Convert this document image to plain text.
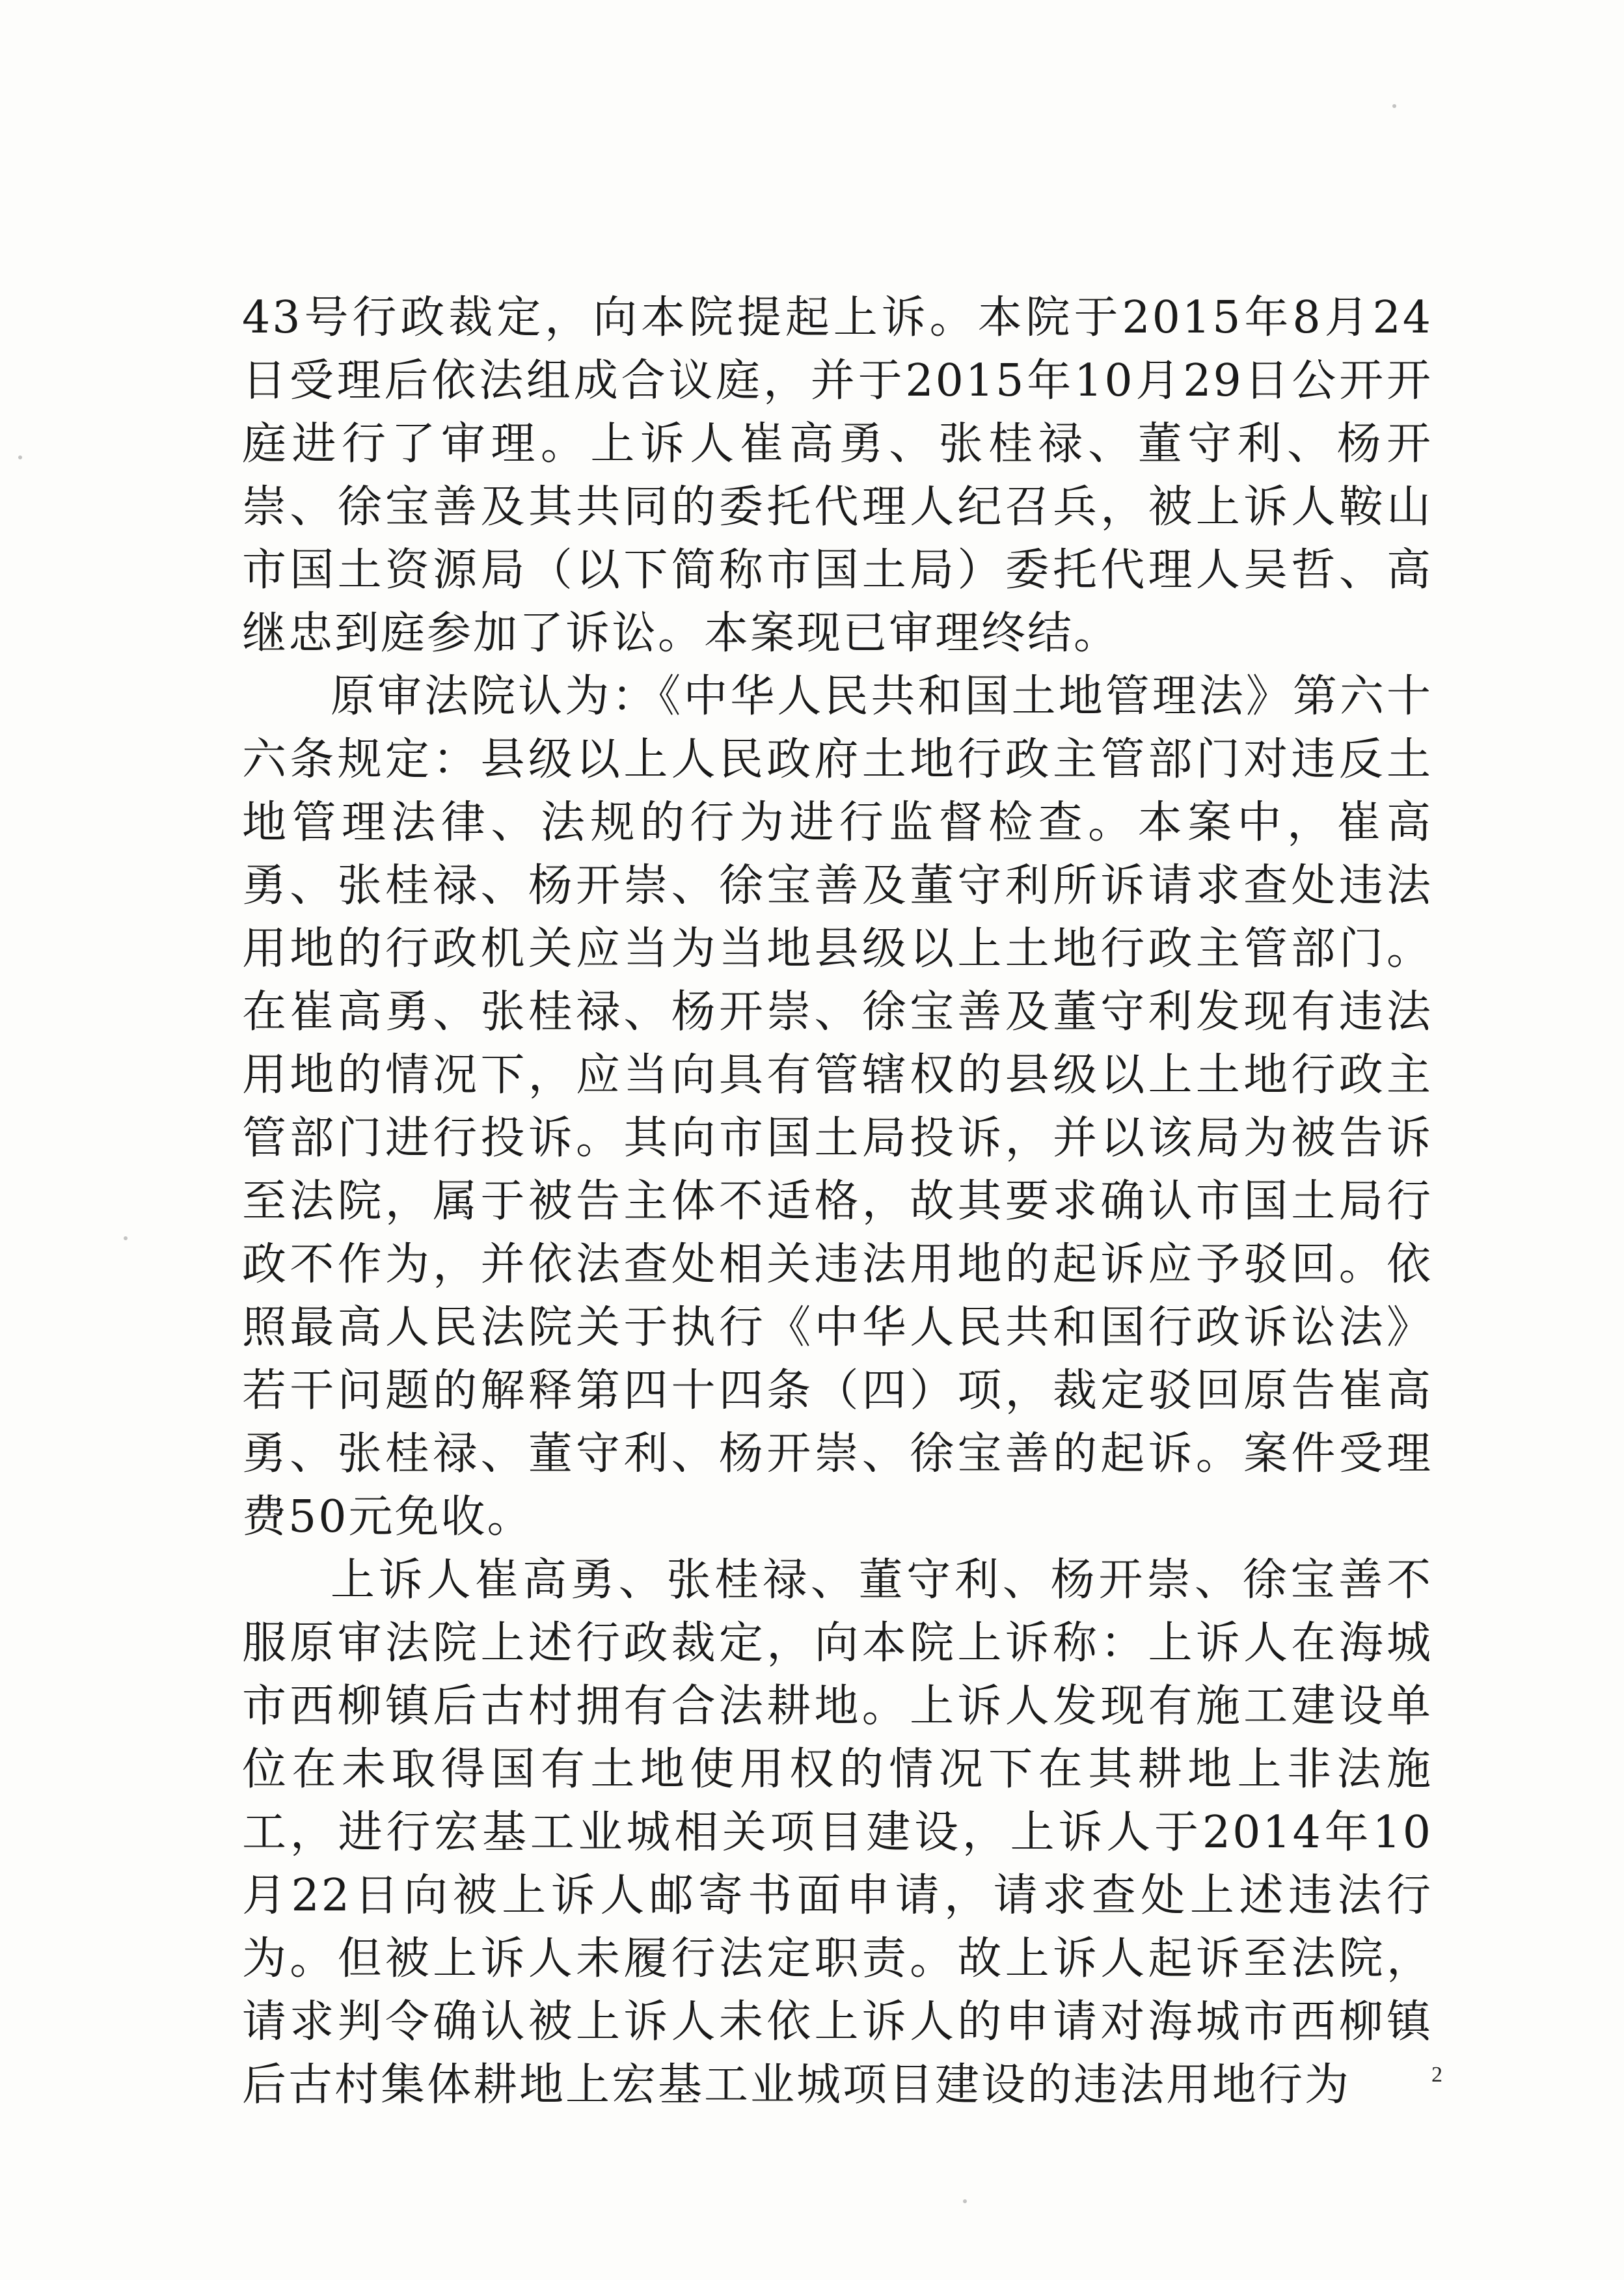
43号行政裁定，向本院提起上诉。本院于2015年8月24日受理后依法组成合议庭，并于2015年10月29日公开开庭进行了审理。上诉人崔高勇、张桂禄、董守利、杨开崇、徐宝善及其共同的委托代理人纪召兵，被上诉人鞍山市国土资源局（以下简称市国土局）委托代理人吴哲、高继忠到庭参加了诉讼。本案现已审理终结。

原审法院认为：《中华人民共和国土地管理法》第六十六条规定：县级以上人民政府土地行政主管部门对违反土地管理法律、法规的行为进行监督检查。本案中，崔高勇、张桂禄、杨开崇、徐宝善及董守利所诉请求查处违法用地的行政机关应当为当地县级以上土地行政主管部门。在崔高勇、张桂禄、杨开崇、徐宝善及董守利发现有违法用地的情况下，应当向具有管辖权的县级以上土地行政主管部门进行投诉。其向市国土局投诉，并以该局为被告诉至法院，属于被告主体不适格，故其要求确认市国土局行政不作为，并依法查处相关违法用地的起诉应予驳回。依照最高人民法院关于执行《中华人民共和国行政诉讼法》若干问题的解释第四十四条（四）项，裁定驳回原告崔高勇、张桂禄、董守利、杨开崇、徐宝善的起诉。案件受理费50元免收。

上诉人崔高勇、张桂禄、董守利、杨开崇、徐宝善不服原审法院上述行政裁定，向本院上诉称：上诉人在海城市西柳镇后古村拥有合法耕地。上诉人发现有施工建设单位在未取得国有土地使用权的情况下在其耕地上非法施工，进行宏基工业城相关项目建设，上诉人于2014年10月22日向被上诉人邮寄书面申请，请求查处上述违法行为。但被上诉人未履行法定职责。故上诉人起诉至法院，请求判令确认被上诉人未依上诉人的申请对海城市西柳镇后古村集体耕地上宏基工业城项目建设的违法用地行为	2
